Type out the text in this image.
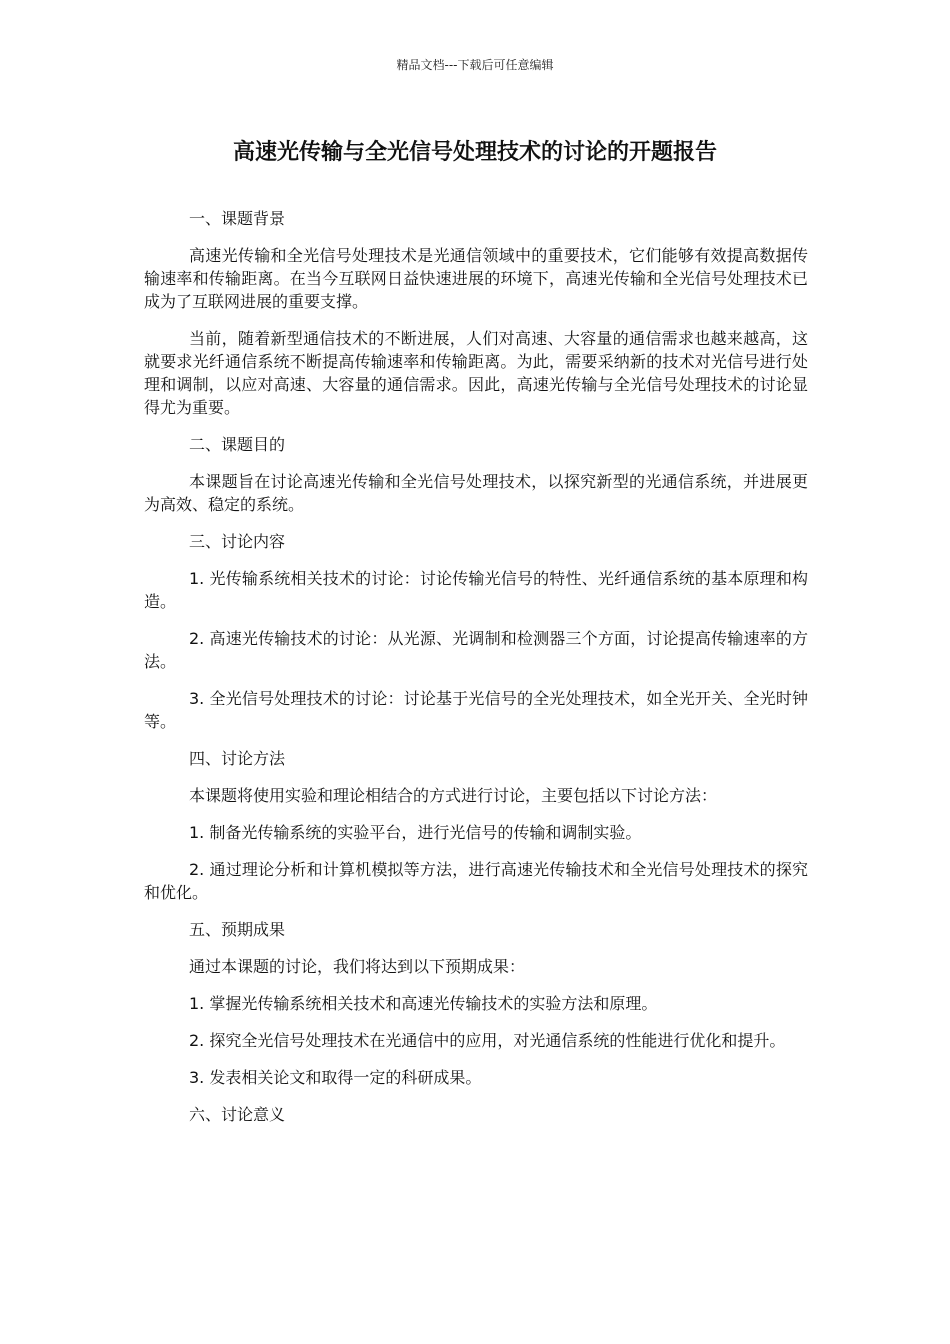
精品文档---下载后可任意编辑
高速光传输与全光信号处理技术的讨论的开题报告

一、课题背景

高速光传输和全光信号处理技术是光通信领域中的重要技术，它们能够有效提高数据传输速率和传输距离。在当今互联网日益快速进展的环境下，高速光传输和全光信号处理技术已成为了互联网进展的重要支撑。

当前，随着新型通信技术的不断进展，人们对高速、大容量的通信需求也越来越高，这就要求光纤通信系统不断提高传输速率和传输距离。为此，需要采纳新的技术对光信号进行处理和调制，以应对高速、大容量的通信需求。因此，高速光传输与全光信号处理技术的讨论显得尤为重要。

二、课题目的

本课题旨在讨论高速光传输和全光信号处理技术，以探究新型的光通信系统，并进展更为高效、稳定的系统。

三、讨论内容

1. 光传输系统相关技术的讨论：讨论传输光信号的特性、光纤通信系统的基本原理和构造。

2. 高速光传输技术的讨论：从光源、光调制和检测器三个方面，讨论提高传输速率的方法。

3. 全光信号处理技术的讨论：讨论基于光信号的全光处理技术，如全光开关、全光时钟等。

四、讨论方法

本课题将使用实验和理论相结合的方式进行讨论，主要包括以下讨论方法：

1. 制备光传输系统的实验平台，进行光信号的传输和调制实验。

2. 通过理论分析和计算机模拟等方法，进行高速光传输技术和全光信号处理技术的探究和优化。

五、预期成果

通过本课题的讨论，我们将达到以下预期成果：

1. 掌握光传输系统相关技术和高速光传输技术的实验方法和原理。

2. 探究全光信号处理技术在光通信中的应用，对光通信系统的性能进行优化和提升。

3. 发表相关论文和取得一定的科研成果。

六、讨论意义
